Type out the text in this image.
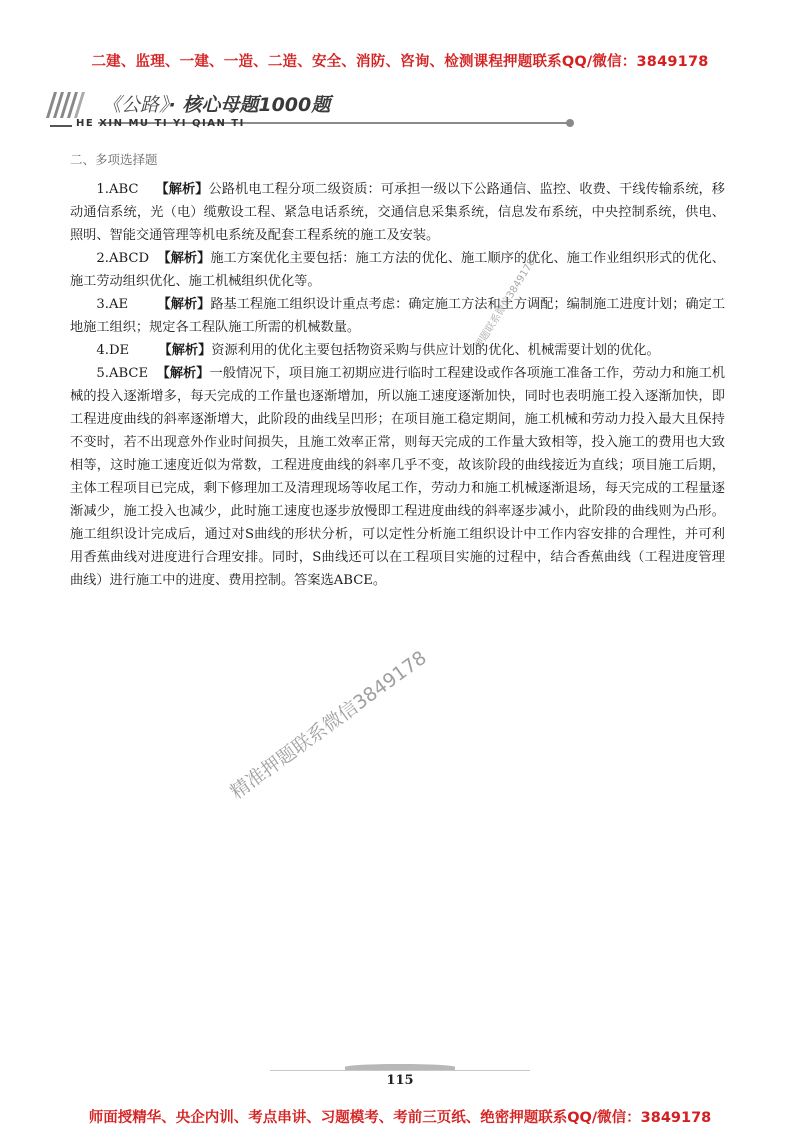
二建、监理、一建、一造、二造、安全、消防、咨询、检测课程押题联系QQ/微信：3849178
《公路》· 核心母题1000题
HE XIN MU TI YI QIAN TI
二、多项选择题

1.ABC 【解析】公路机电工程分项二级资质：可承担一级以下公路通信、监控、收费、干线传输系统，移动通信系统，光（电）缆敷设工程、紧急电话系统，交通信息采集系统，信息发布系统，中央控制系统，供电、照明、智能交通管理等机电系统及配套工程系统的施工及安装。

2.ABCD 【解析】施工方案优化主要包括：施工方法的优化、施工顺序的优化、施工作业组织形式的优化、施工劳动组织优化、施工机械组织优化等。

3.AE 【解析】路基工程施工组织设计重点考虑：确定施工方法和土方调配；编制施工进度计划；确定工地施工组织；规定各工程队施工所需的机械数量。

4.DE 【解析】资源利用的优化主要包括物资采购与供应计划的优化、机械需要计划的优化。

5.ABCE 【解析】一般情况下，项目施工初期应进行临时工程建设或作各项施工准备工作，劳动力和施工机械的投入逐渐增多，每天完成的工作量也逐渐增加，所以施工速度逐渐加快，同时也表明施工投入逐渐加快，即工程进度曲线的斜率逐渐增大，此阶段的曲线呈凹形；在项目施工稳定期间，施工机械和劳动力投入最大且保持不变时，若不出现意外作业时间损失，且施工效率正常，则每天完成的工作量大致相等，投入施工的费用也大致相等，这时施工速度近似为常数，工程进度曲线的斜率几乎不变，故该阶段的曲线接近为直线；项目施工后期，主体工程项目已完成，剩下修理加工及清理现场等收尾工作，劳动力和施工机械逐渐退场，每天完成的工程量逐渐减少，施工投入也减少，此时施工速度也逐步放慢即工程进度曲线的斜率逐步减小，此阶段的曲线则为凸形。施工组织设计完成后，通过对S曲线的形状分析，可以定性分析施工组织设计中工作内容安排的合理性，并可利用香蕉曲线对进度进行合理安排。同时，S曲线还可以在工程项目实施的过程中，结合香蕉曲线（工程进度管理曲线）进行施工中的进度、费用控制。答案选ABCE。

押题联系微信3849178
精准押题联系微信3849178
115
师面授精华、央企内训、考点串讲、习题模考、考前三页纸、绝密押题联系QQ/微信：3849178
